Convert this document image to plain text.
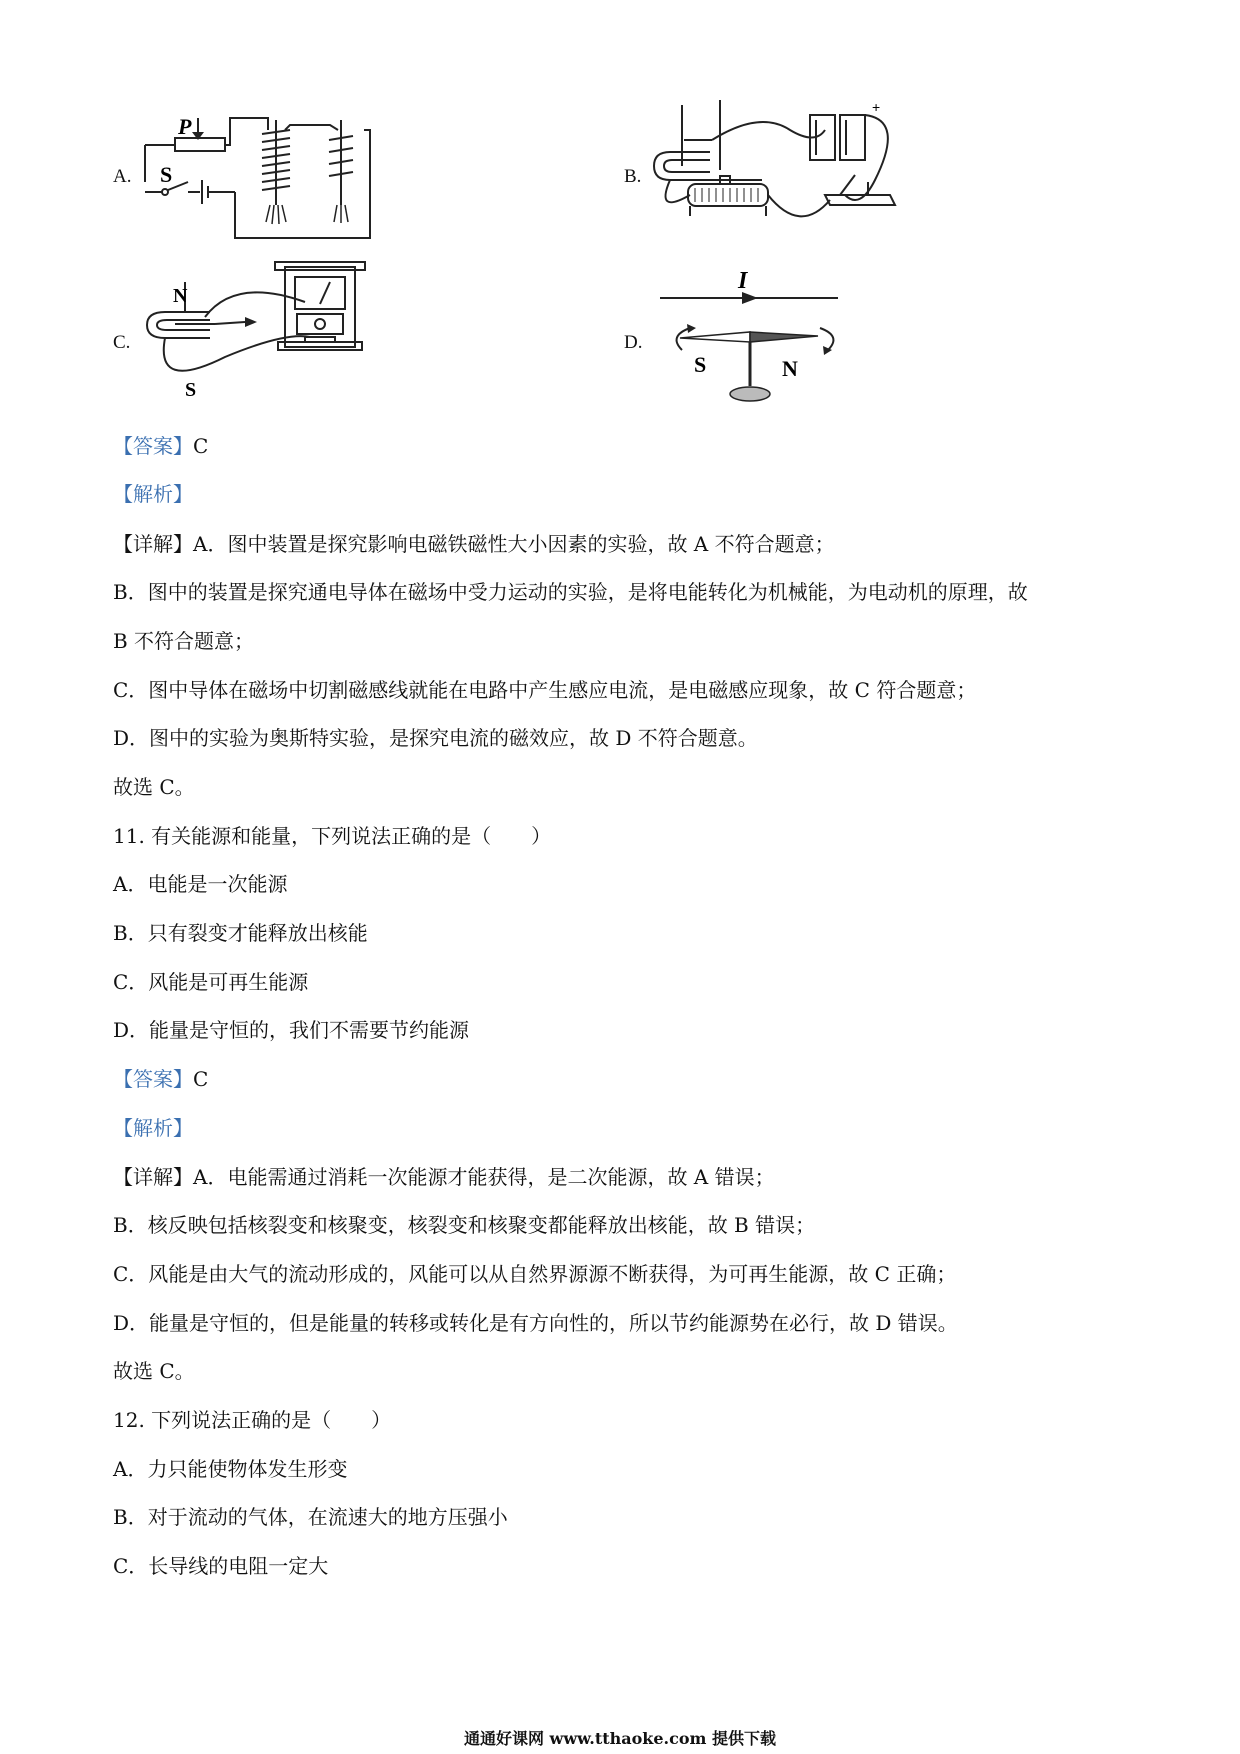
A.	B.
C.	D.
P
S
+
N
S
I
S	N
【答案】C
【解析】
【详解】A．图中装置是探究影响电磁铁磁性大小因素的实验，故 A 不符合题意；
B．图中的装置是探究通电导体在磁场中受力运动的实验，是将电能转化为机械能，为电动机的原理，故
B 不符合题意；
C．图中导体在磁场中切割磁感线就能在电路中产生感应电流，是电磁感应现象，故 C 符合题意；
D．图中的实验为奥斯特实验，是探究电流的磁效应，故 D 不符合题意。
故选 C。
11. 有关能源和能量，下列说法正确的是（　　）
A．电能是一次能源
B．只有裂变才能释放出核能
C．风能是可再生能源
D．能量是守恒的，我们不需要节约能源
【答案】C
【解析】
【详解】A．电能需通过消耗一次能源才能获得，是二次能源，故 A 错误；
B．核反映包括核裂变和核聚变，核裂变和核聚变都能释放出核能，故 B 错误；
C．风能是由大气的流动形成的，风能可以从自然界源源不断获得，为可再生能源，故 C 正确；
D．能量是守恒的，但是能量的转移或转化是有方向性的，所以节约能源势在必行，故 D 错误。
故选 C。
12. 下列说法正确的是（　　）
A．力只能使物体发生形变
B．对于流动的气体，在流速大的地方压强小
C．长导线的电阻一定大
通通好课网 www.tthaoke.com 提供下载
